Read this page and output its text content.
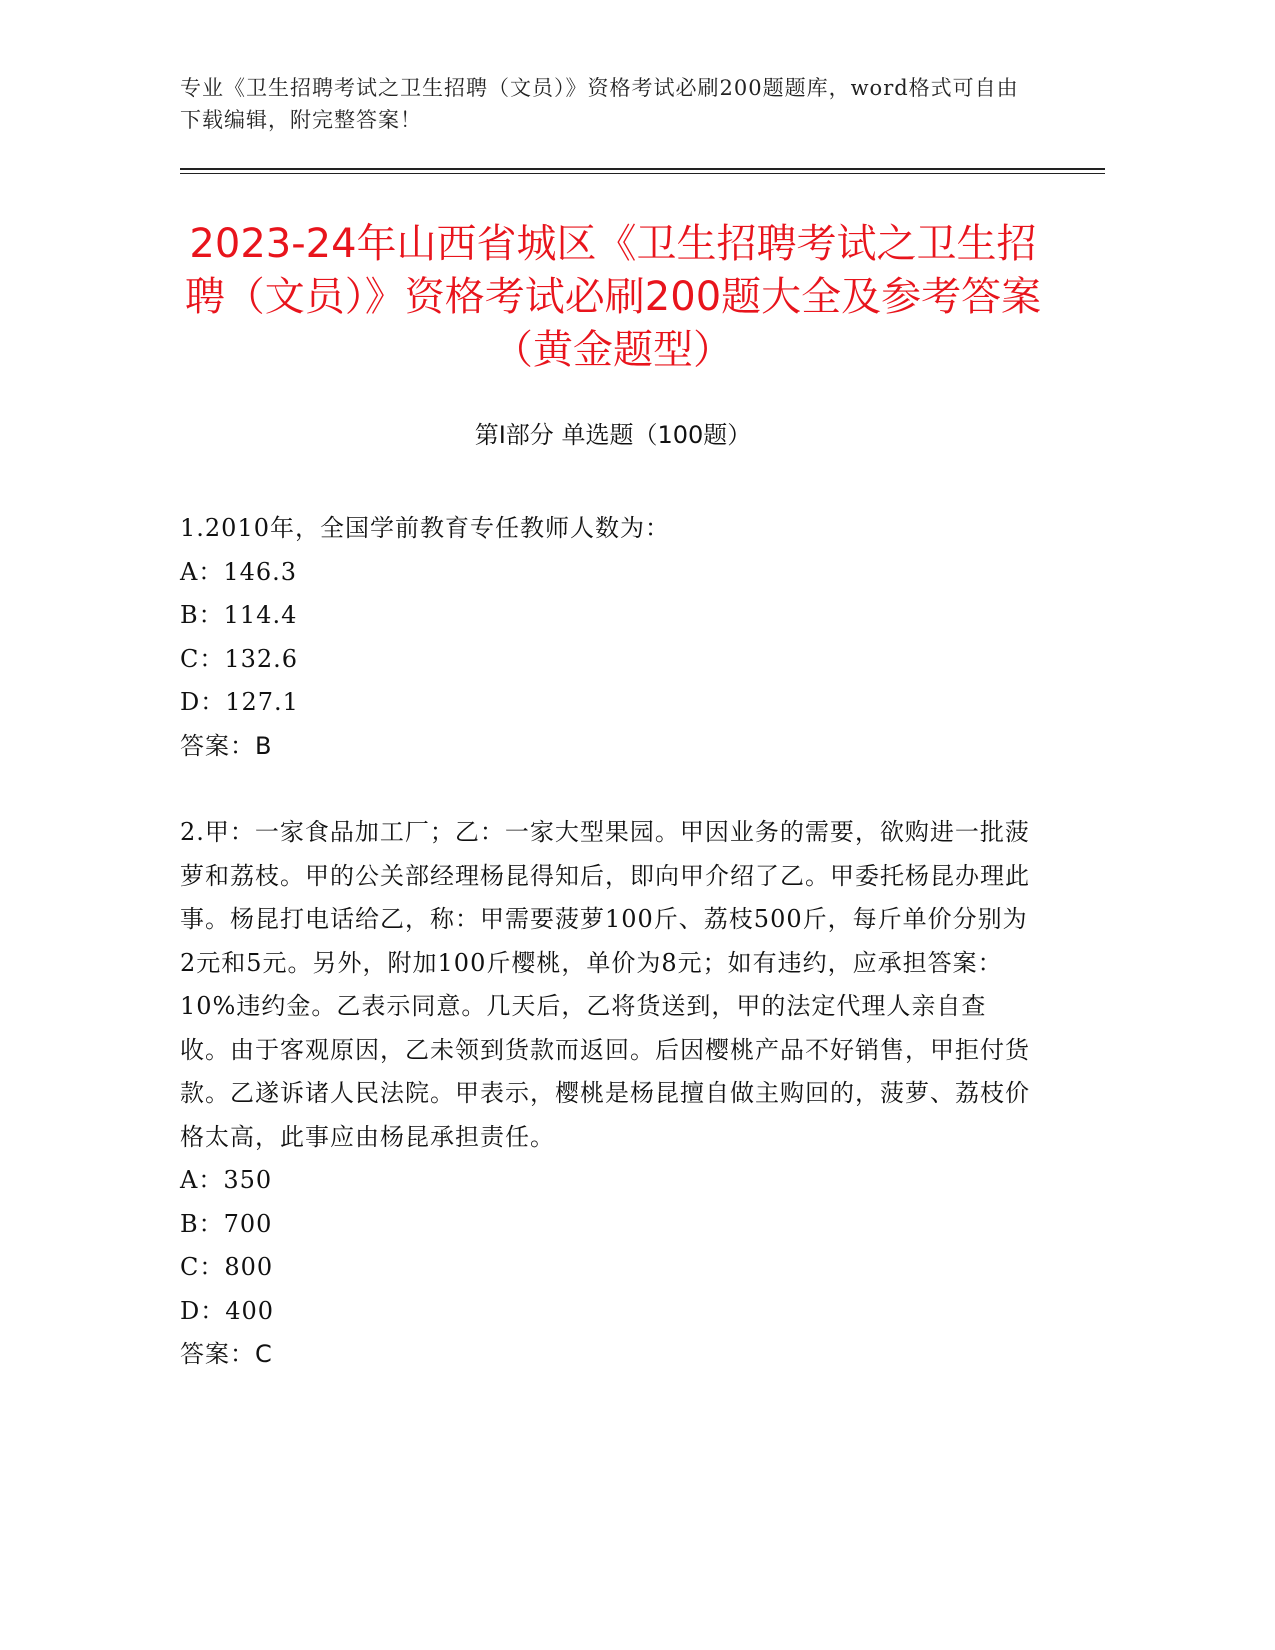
专业《卫生招聘考试之卫生招聘（文员）》资格考试必刷200题题库，word格式可自由下载编辑，附完整答案！
2023-24年山西省城区《卫生招聘考试之卫生招聘（文员）》资格考试必刷200题大全及参考答案（黄金题型）
第Ⅰ部分 单选题（100题）
1.2010年，全国学前教育专任教师人数为：
A：146.3
B：114.4
C：132.6
D：127.1
答案：B
2.甲：一家食品加工厂；乙：一家大型果园。甲因业务的需要，欲购进一批菠萝和荔枝。甲的公关部经理杨昆得知后，即向甲介绍了乙。甲委托杨昆办理此事。杨昆打电话给乙，称：甲需要菠萝100斤、荔枝500斤，每斤单价分别为2元和5元。另外，附加100斤樱桃，单价为8元；如有违约，应承担答案：10%违约金。乙表示同意。几天后，乙将货送到，甲的法定代理人亲自查收。由于客观原因，乙未领到货款而返回。后因樱桃产品不好销售，甲拒付货款。乙遂诉诸人民法院。甲表示，樱桃是杨昆擅自做主购回的，菠萝、荔枝价格太高，此事应由杨昆承担责任。
A：350
B：700
C：800
D：400
答案：C
